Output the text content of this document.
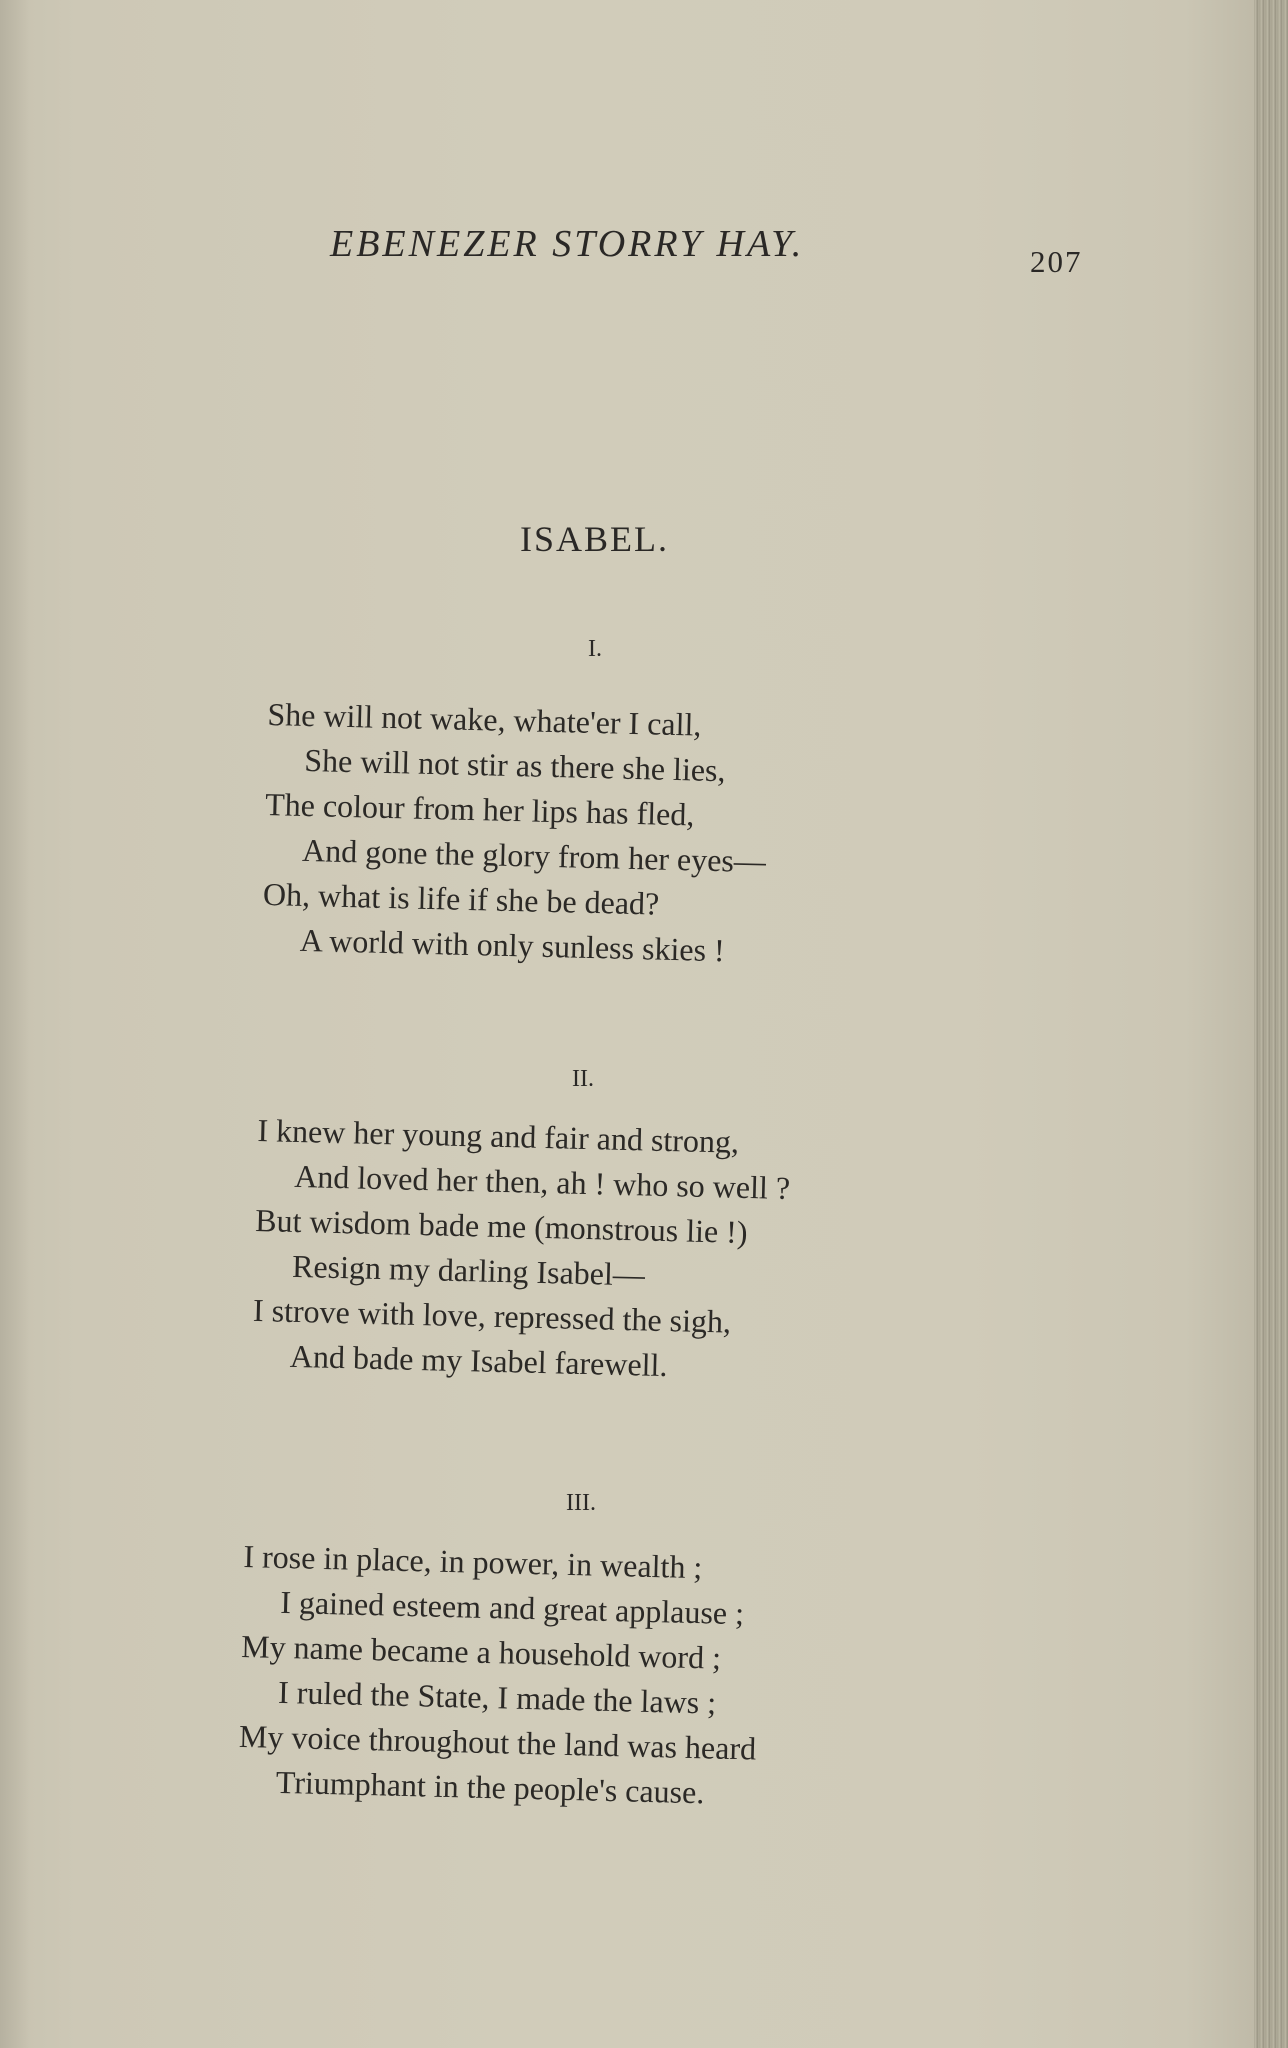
EBENEZER STORRY HAY.	207
ISABEL.
I.
She will not wake, whate'er I call,
She will not stir as there she lies,
The colour from her lips has fled,
And gone the glory from her eyes—
Oh, what is life if she be dead?
A world with only sunless skies !
II.
I knew her young and fair and strong,
And loved her then, ah ! who so well ?
But wisdom bade me (monstrous lie !)
Resign my darling Isabel—
I strove with love, repressed the sigh,
And bade my Isabel farewell.
III.
I rose in place, in power, in wealth ;
I gained esteem and great applause ;
My name became a household word ;
I ruled the State, I made the laws ;
My voice throughout the land was heard
Triumphant in the people's cause.
